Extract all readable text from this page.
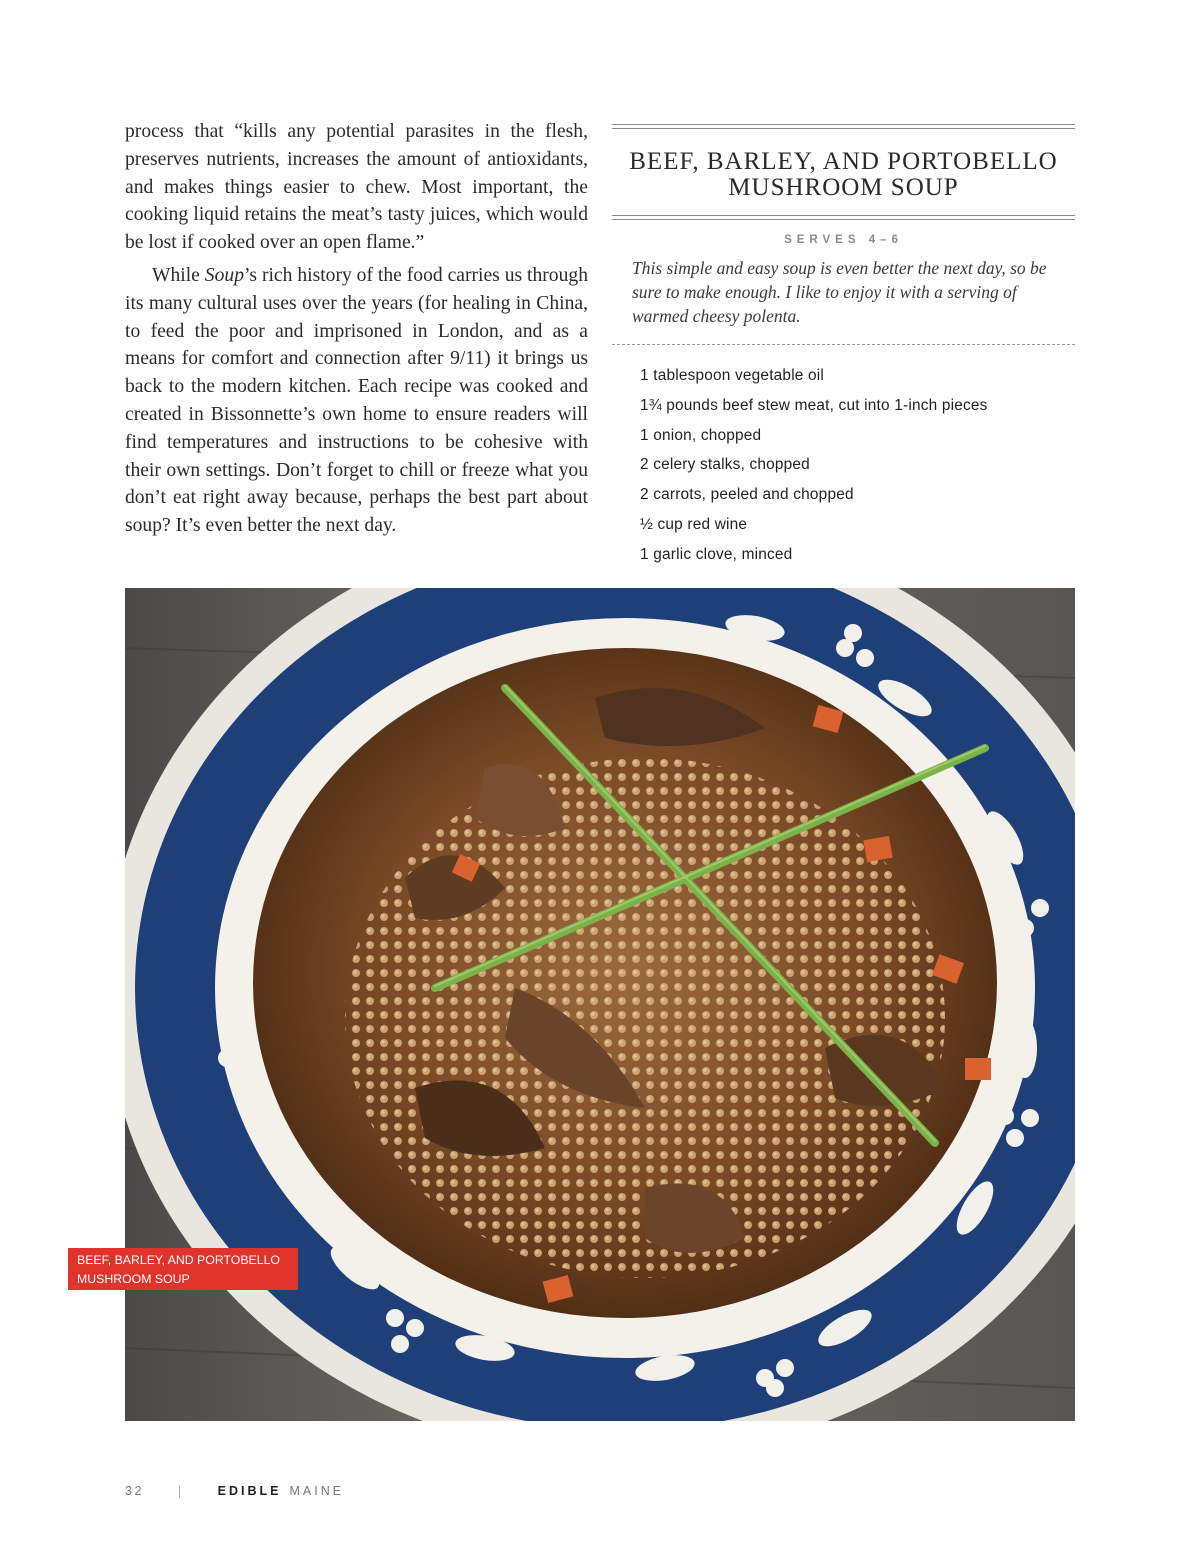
process that “kills any potential parasites in the flesh, preserves nutrients, increases the amount of antioxidants, and makes things easier to chew. Most important, the cooking liquid retains the meat’s tasty juices, which would be lost if cooked over an open flame.”

While Soup’s rich history of the food carries us through its many cultural uses over the years (for healing in China, to feed the poor and imprisoned in London, and as a means for comfort and connection after 9/11) it brings us back to the modern kitchen. Each recipe was cooked and created in Bissonnette’s own home to ensure readers will find temperatures and instructions to be cohesive with their own settings. Don’t forget to chill or freeze what you don’t eat right away because, perhaps the best part about soup? It’s even better the next day.

BEEF, BARLEY, AND PORTOBELLO
MUSHROOM SOUP
SERVES 4–6
This simple and easy soup is even better the next day, so be sure to make enough. I like to enjoy it with a serving of warmed cheesy polenta.
1 tablespoon vegetable oil
1¾ pounds beef stew meat, cut into 1-inch pieces
1 onion, chopped
2 celery stalks, chopped
2 carrots, peeled and chopped
½ cup red wine
1 garlic clove, minced
BEEF, BARLEY, AND PORTOBELLO
MUSHROOM SOUP
32	|	EDIBLE MAINE
